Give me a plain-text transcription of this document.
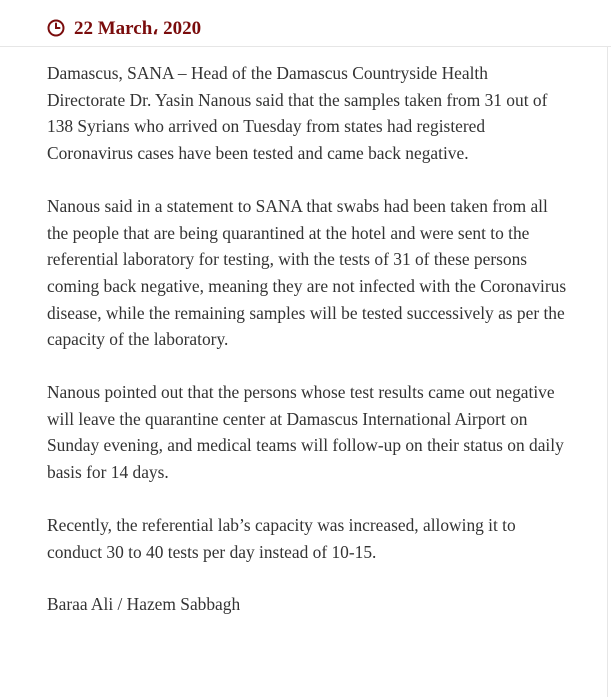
22 March، 2020

Damascus, SANA – Head of the Damascus Countryside Health Directorate Dr. Yasin Nanous said that the samples taken from 31 out of 138 Syrians who arrived on Tuesday from states had registered Coronavirus cases have been tested and came back negative.

Nanous said in a statement to SANA that swabs had been taken from all the people that are being quarantined at the hotel and were sent to the referential laboratory for testing, with the tests of 31 of these persons coming back negative, meaning they are not infected with the Coronavirus disease, while the remaining samples will be tested successively as per the capacity of the laboratory.

Nanous pointed out that the persons whose test results came out negative will leave the quarantine center at Damascus International Airport on Sunday evening, and medical teams will follow-up on their status on daily basis for 14 days.

Recently, the referential lab’s capacity was increased, allowing it to conduct 30 to 40 tests per day instead of 10-15.

Baraa Ali / Hazem Sabbagh
